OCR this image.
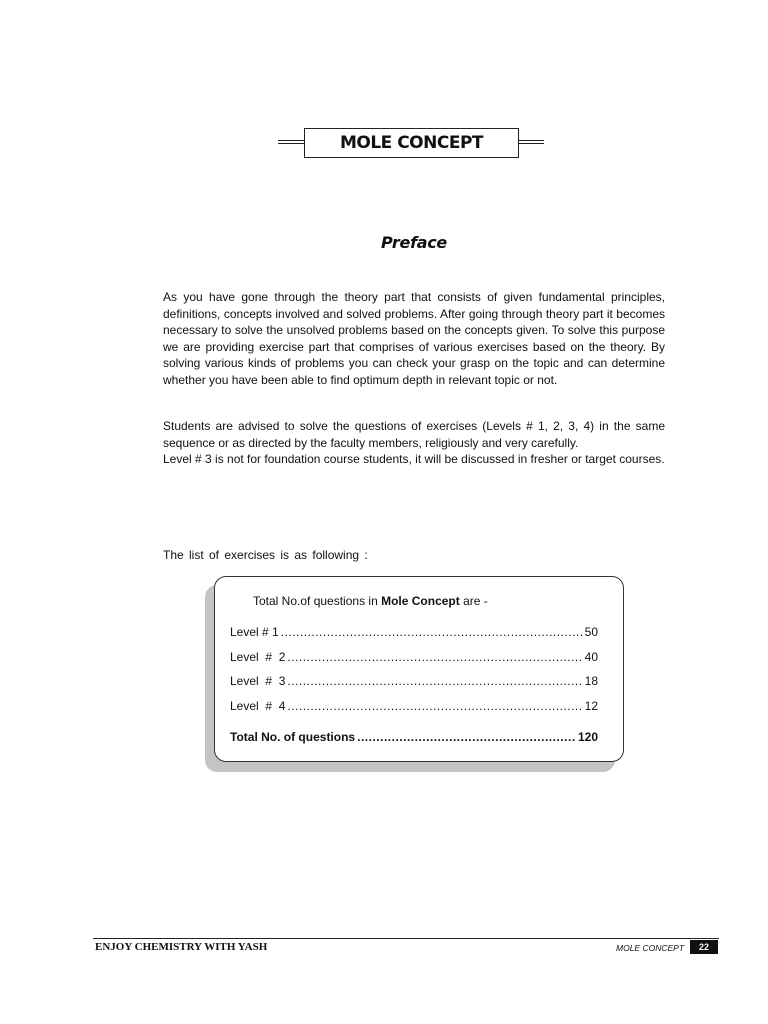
MOLE CONCEPT
Preface

As you have gone through the theory part that consists of given fundamental principles, definitions, concepts involved and solved problems. After going through theory part it becomes necessary to solve the unsolved problems based on the concepts given. To solve this purpose we are providing exercise part that comprises of various exercises based on the theory. By solving various kinds of problems you can check your grasp on the topic and can determine whether you have been able to find optimum depth in relevant topic or not.

Students are advised to solve the questions of exercises (Levels # 1, 2, 3, 4) in the same sequence or as directed by the faculty members, religiously and very carefully.

Level # 3 is not for foundation course students, it will be discussed in fresher or target courses.

The list of exercises is as following :
Total No.of questions in Mole Concept are -
Level # 1 .....	50
Level  #  2 .....	40
Level  #  3 .....	18
Level  #  4 .....	12
Total No. of questions .....	120
ENJOY CHEMISTRY WITH YASH	MOLE CONCEPT	22
